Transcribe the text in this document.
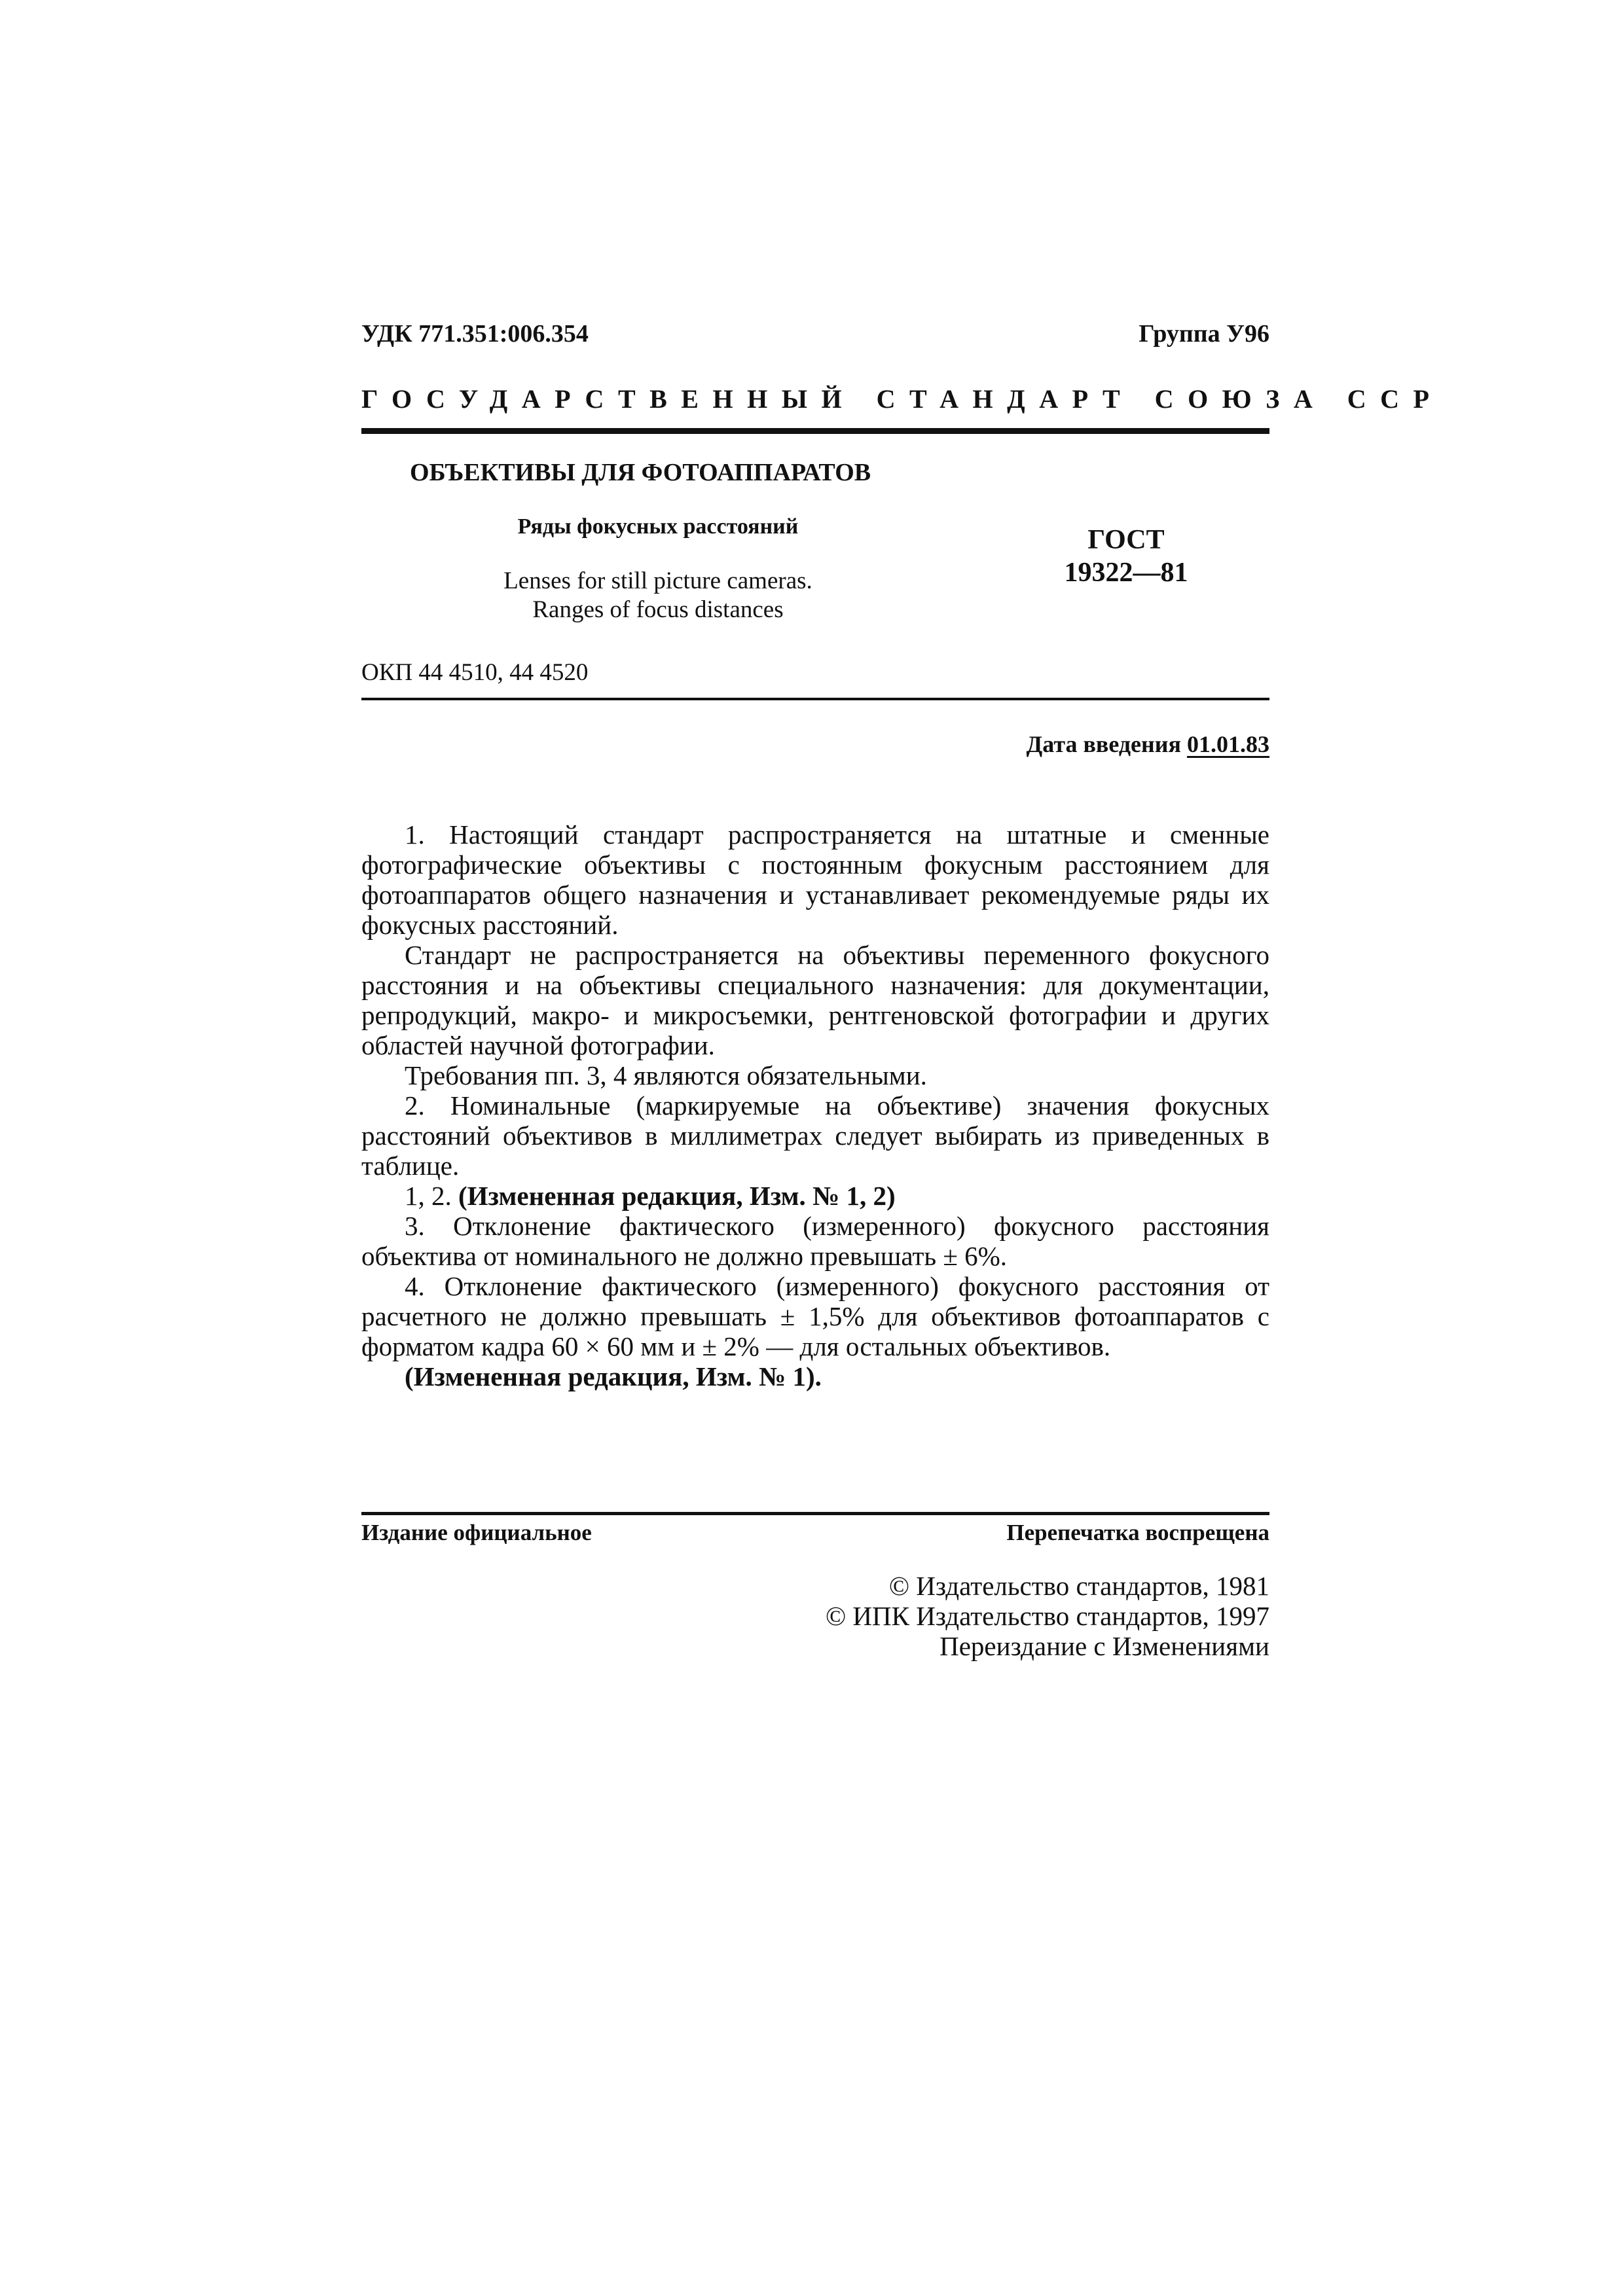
УДК 771.351:006.354	Группа У96
ГОСУДАРСТВЕННЫЙ СТАНДАРТ СОЮЗА ССР
ОБЪЕКТИВЫ ДЛЯ ФОТОАППАРАТОВ
Ряды фокусных расстояний
Lenses for still picture cameras.
Ranges of focus distances
ГОСТ
19322—81
ОКП 44 4510, 44 4520
Дата введения 01.01.83

1. Настоящий стандарт распространяется на штатные и сменные фотографические объективы с постоянным фокусным расстоянием для фотоаппаратов общего назначения и устанавливает рекомендуемые ряды их фокусных расстояний.

Стандарт не распространяется на объективы переменного фокусного расстояния и на объективы специального назначения: для документации, репродукций, макро- и микросъемки, рентгеновской фотографии и других областей научной фотографии.

Требования пп. 3, 4 являются обязательными.

2. Номинальные (маркируемые на объективе) значения фокусных расстояний объективов в миллиметрах следует выбирать из приведенных в таблице.

1, 2. (Измененная редакция, Изм. № 1, 2)

3. Отклонение фактического (измеренного) фокусного расстояния объектива от номинального не должно превышать ± 6%.

4. Отклонение фактического (измеренного) фокусного расстояния от расчетного не должно превышать ± 1,5% для объективов фотоаппаратов с форматом кадра 60 × 60 мм и ± 2% — для остальных объективов.

(Измененная редакция, Изм. № 1).

Издание официальное	Перепечатка воспрещена
© Издательство стандартов, 1981
© ИПК Издательство стандартов, 1997
Переиздание с Изменениями
